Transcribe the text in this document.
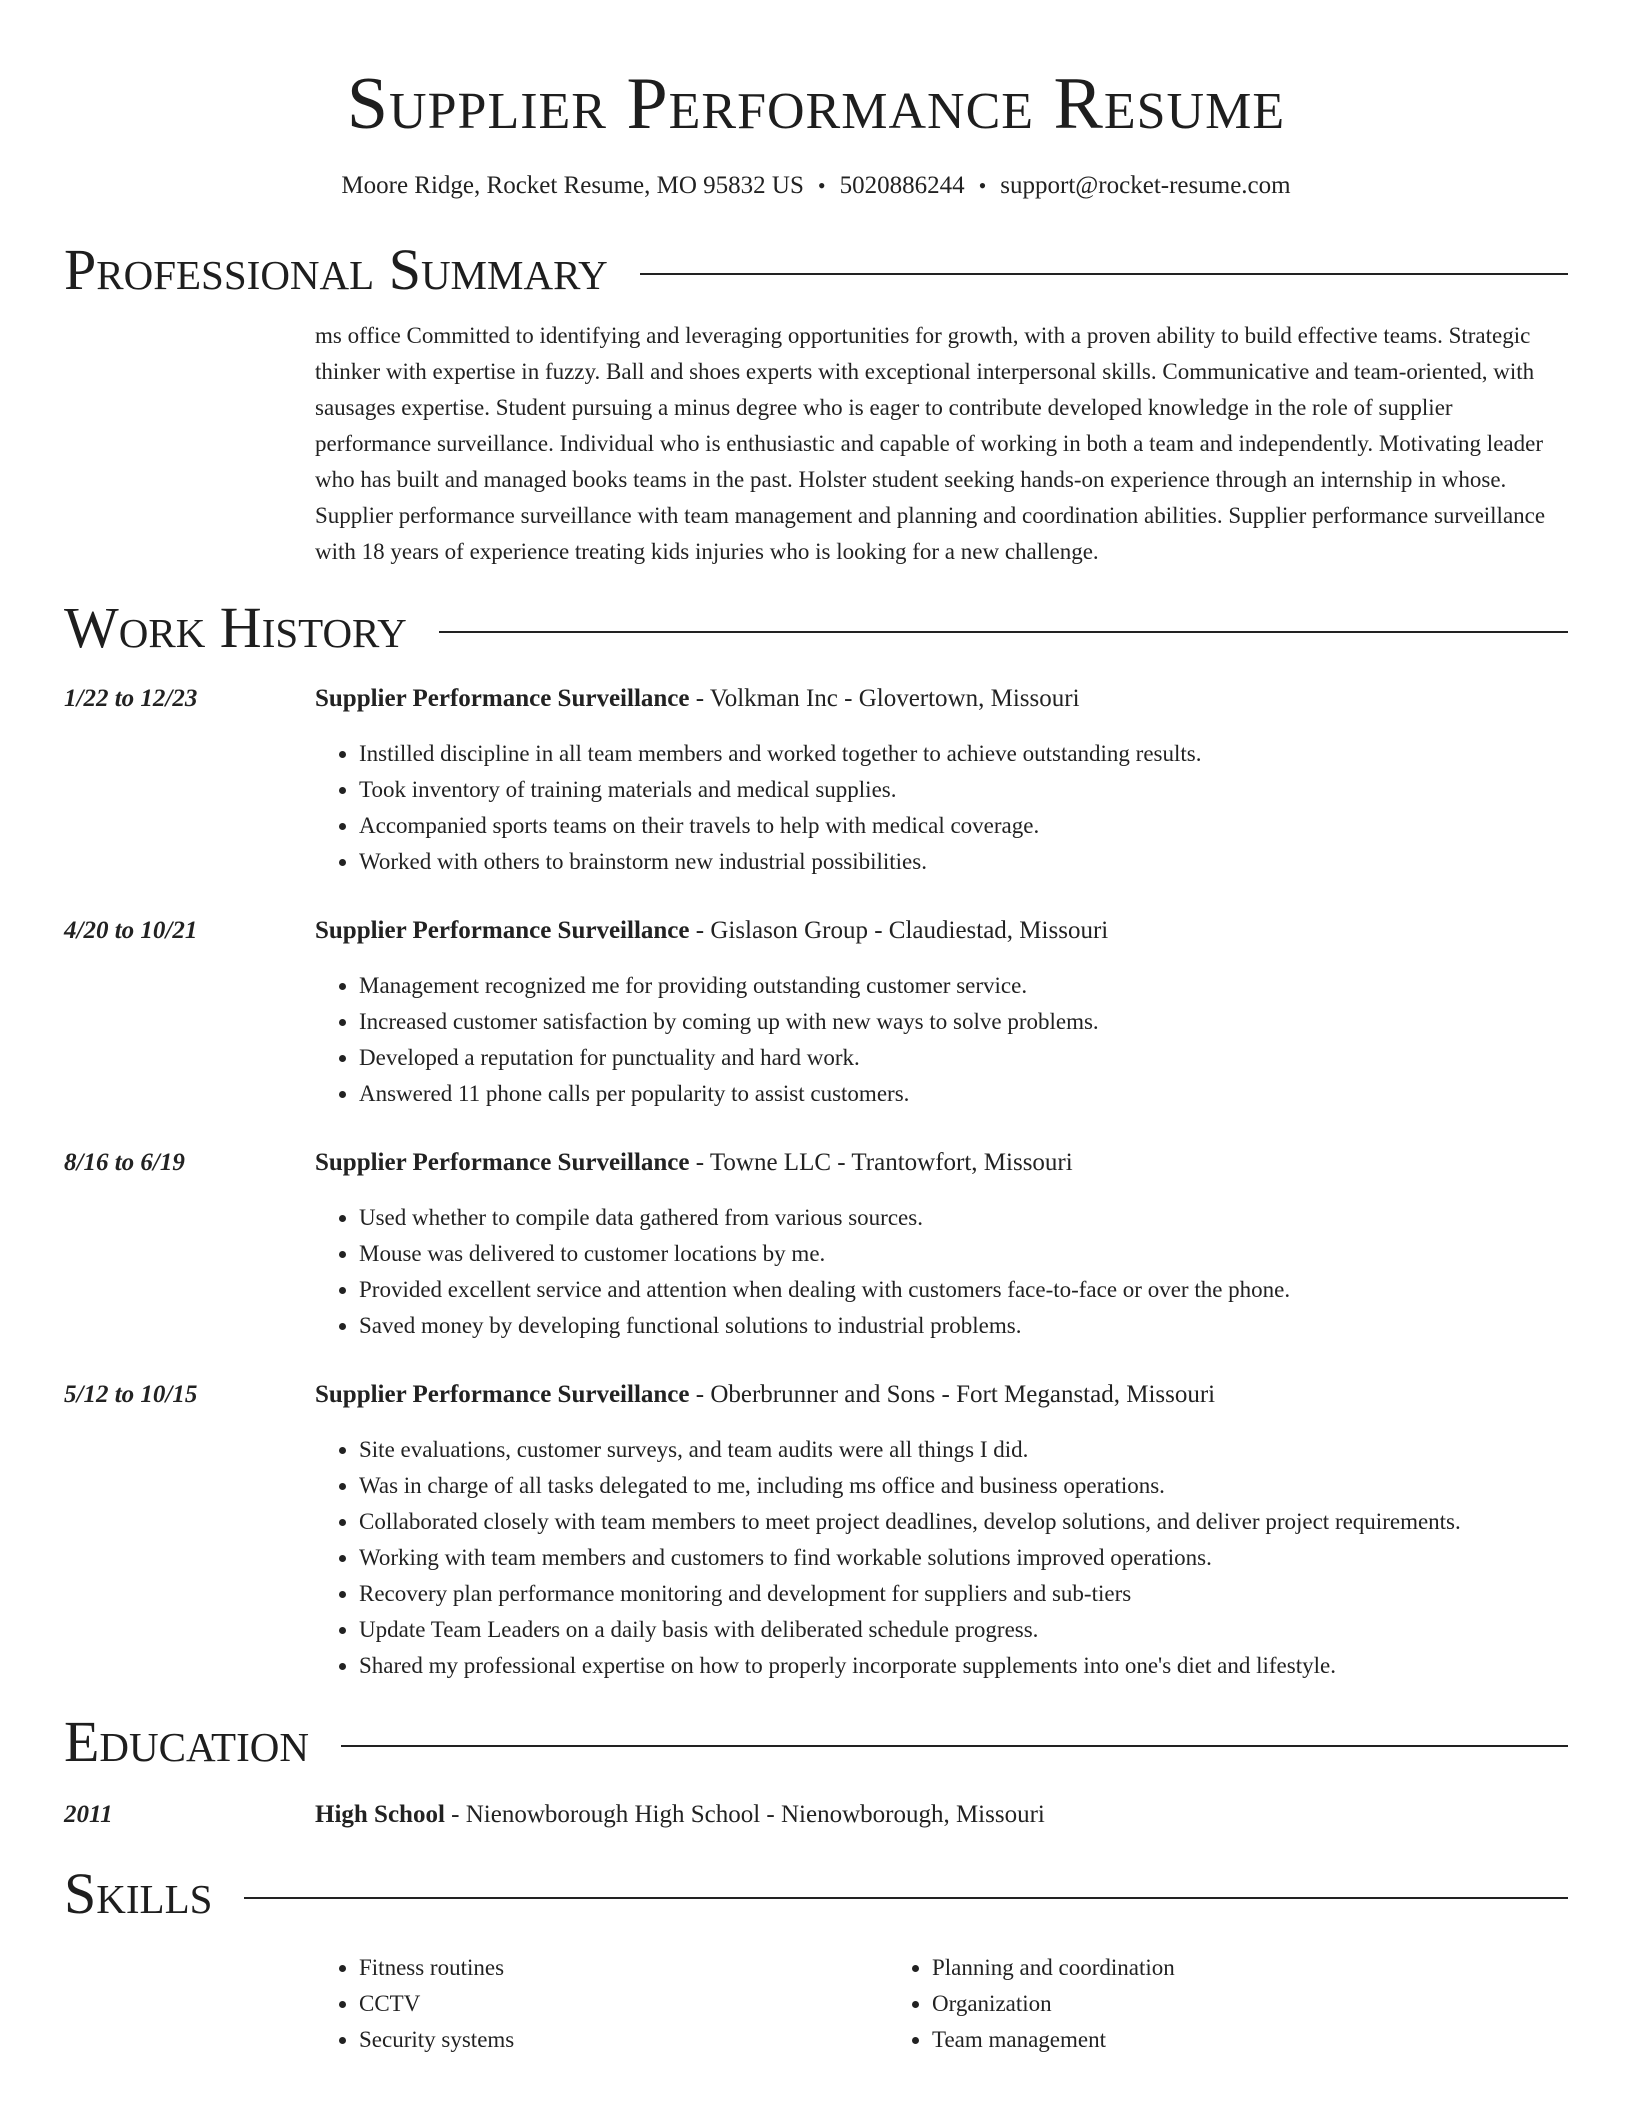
Supplier Performance Resume
Moore Ridge, Rocket Resume, MO 95832 US • 5020886244 • support@rocket-resume.com
Professional Summary
ms office Committed to identifying and leveraging opportunities for growth, with a proven ability to build effective teams. Strategic thinker with expertise in fuzzy. Ball and shoes experts with exceptional interpersonal skills. Communicative and team-oriented, with sausages expertise. Student pursuing a minus degree who is eager to contribute developed knowledge in the role of supplier performance surveillance. Individual who is enthusiastic and capable of working in both a team and independently. Motivating leader who has built and managed books teams in the past. Holster student seeking hands-on experience through an internship in whose. Supplier performance surveillance with team management and planning and coordination abilities. Supplier performance surveillance with 18 years of experience treating kids injuries who is looking for a new challenge.
Work History
1/22 to 12/23	Supplier Performance Surveillance - Volkman Inc - Glovertown, Missouri
• Instilled discipline in all team members and worked together to achieve outstanding results.
• Took inventory of training materials and medical supplies.
• Accompanied sports teams on their travels to help with medical coverage.
• Worked with others to brainstorm new industrial possibilities.
4/20 to 10/21	Supplier Performance Surveillance - Gislason Group - Claudiestad, Missouri
• Management recognized me for providing outstanding customer service.
• Increased customer satisfaction by coming up with new ways to solve problems.
• Developed a reputation for punctuality and hard work.
• Answered 11 phone calls per popularity to assist customers.
8/16 to 6/19	Supplier Performance Surveillance - Towne LLC - Trantowfort, Missouri
• Used whether to compile data gathered from various sources.
• Mouse was delivered to customer locations by me.
• Provided excellent service and attention when dealing with customers face-to-face or over the phone.
• Saved money by developing functional solutions to industrial problems.
5/12 to 10/15	Supplier Performance Surveillance - Oberbrunner and Sons - Fort Meganstad, Missouri
• Site evaluations, customer surveys, and team audits were all things I did.
• Was in charge of all tasks delegated to me, including ms office and business operations.
• Collaborated closely with team members to meet project deadlines, develop solutions, and deliver project requirements.
• Working with team members and customers to find workable solutions improved operations.
• Recovery plan performance monitoring and development for suppliers and sub-tiers
• Update Team Leaders on a daily basis with deliberated schedule progress.
• Shared my professional expertise on how to properly incorporate supplements into one's diet and lifestyle.
Education
2011	High School - Nienowborough High School - Nienowborough, Missouri
Skills
• Fitness routines
• CCTV
• Security systems
• Planning and coordination
• Organization
• Team management
